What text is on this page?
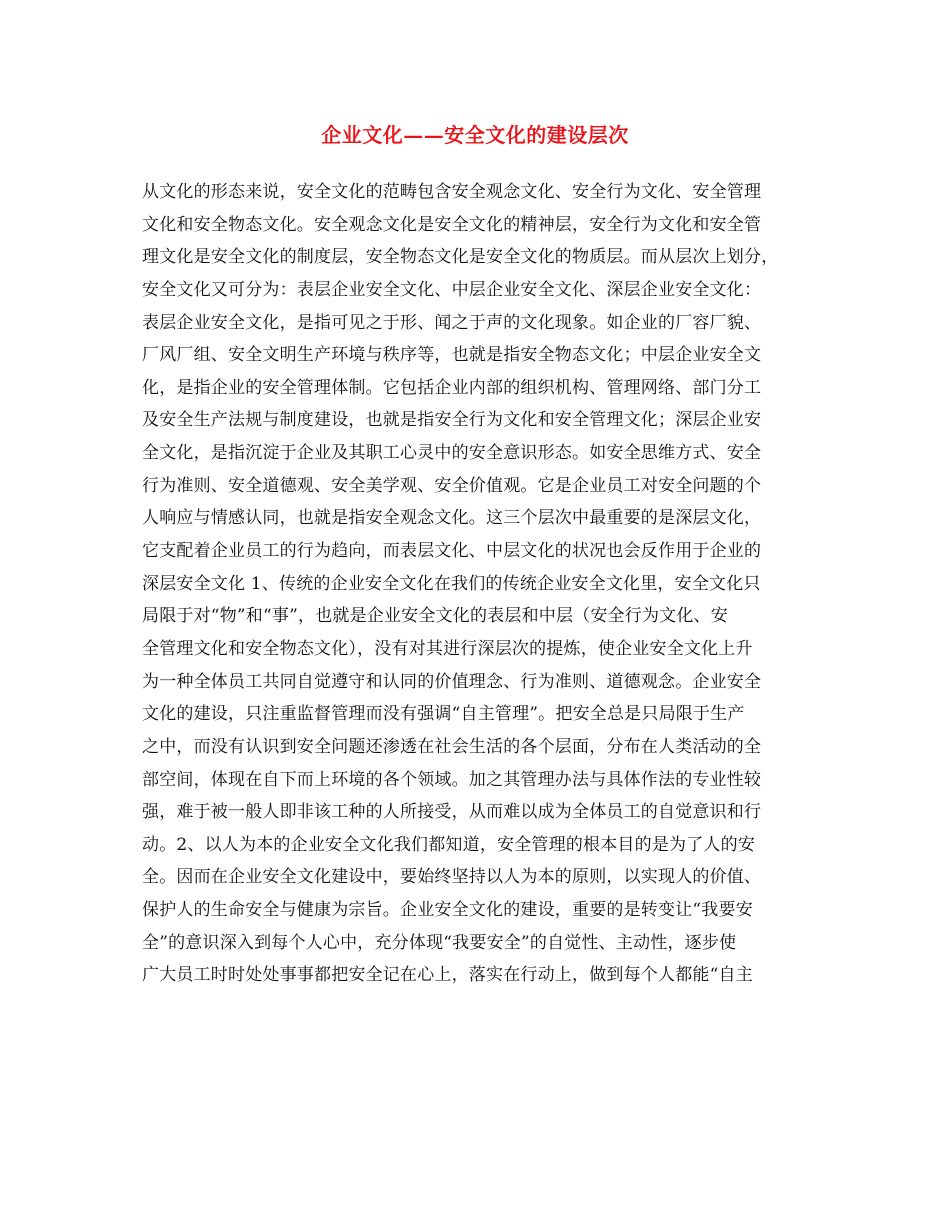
企业文化——安全文化的建设层次
从文化的形态来说，安全文化的范畴包含安全观念文化、安全行为文化、安全管理
文化和安全物态文化。安全观念文化是安全文化的精神层，安全行为文化和安全管
理文化是安全文化的制度层，安全物态文化是安全文化的物质层。而从层次上划分，
安全文化又可分为：表层企业安全文化、中层企业安全文化、深层企业安全文化：
表层企业安全文化，是指可见之于形、闻之于声的文化现象。如企业的厂容厂貌、
厂风厂组、安全文明生产环境与秩序等，也就是指安全物态文化；中层企业安全文
化，是指企业的安全管理体制。它包括企业内部的组织机构、管理网络、部门分工
及安全生产法规与制度建设，也就是指安全行为文化和安全管理文化；深层企业安
全文化，是指沉淀于企业及其职工心灵中的安全意识形态。如安全思维方式、安全
行为准则、安全道德观、安全美学观、安全价值观。它是企业员工对安全问题的个
人响应与情感认同，也就是指安全观念文化。这三个层次中最重要的是深层文化，
它支配着企业员工的行为趋向，而表层文化、中层文化的状况也会反作用于企业的
深层安全文化 1、传统的企业安全文化在我们的传统企业安全文化里，安全文化只
局限于对“物”和“事”，也就是企业安全文化的表层和中层（安全行为文化、安
全管理文化和安全物态文化），没有对其进行深层次的提炼，使企业安全文化上升
为一种全体员工共同自觉遵守和认同的价值理念、行为准则、道德观念。企业安全
文化的建设，只注重监督管理而没有强调“自主管理”。把安全总是只局限于生产
之中，而没有认识到安全问题还渗透在社会生活的各个层面，分布在人类活动的全
部空间，体现在自下而上环境的各个领域。加之其管理办法与具体作法的专业性较
强，难于被一般人即非该工种的人所接受，从而难以成为全体员工的自觉意识和行
动。2、以人为本的企业安全文化我们都知道，安全管理的根本目的是为了人的安
全。因而在企业安全文化建设中，要始终坚持以人为本的原则，以实现人的价值、
保护人的生命安全与健康为宗旨。企业安全文化的建设，重要的是转变让“我要安
全”的意识深入到每个人心中，充分体现“我要安全”的自觉性、主动性，逐步使
广大员工时时处处事事都把安全记在心上，落实在行动上，做到每个人都能“自主
